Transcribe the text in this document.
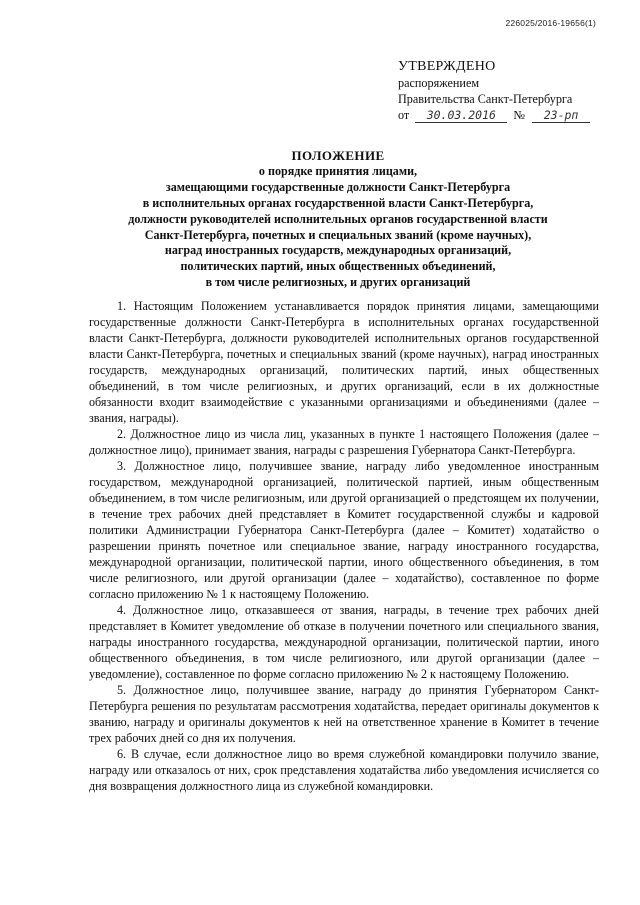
226025/2016-19656(1)
УТВЕРЖДЕНО
распоряжением
Правительства Санкт-Петербурга
от 30.03.2016 № 23-рп
ПОЛОЖЕНИЕ
о порядке принятия лицами,
замещающими государственные должности Санкт-Петербурга
в исполнительных органах государственной власти Санкт-Петербурга,
должности руководителей исполнительных органов государственной власти
Санкт-Петербурга, почетных и специальных званий (кроме научных),
наград иностранных государств, международных организаций,
политических партий, иных общественных объединений,
в том числе религиозных, и других организаций

1. Настоящим Положением устанавливается порядок принятия лицами, замещающими государственные должности Санкт-Петербурга в исполнительных органах государственной власти Санкт-Петербурга, должности руководителей исполнительных органов государственной власти Санкт-Петербурга, почетных и специальных званий (кроме научных), наград иностранных государств, международных организаций, политических партий, иных общественных объединений, в том числе религиозных, и других организаций, если в их должностные обязанности входит взаимодействие с указанными организациями и объединениями (далее – звания, награды).

2. Должностное лицо из числа лиц, указанных в пункте 1 настоящего Положения (далее – должностное лицо), принимает звания, награды с разрешения Губернатора Санкт-Петербурга.

3. Должностное лицо, получившее звание, награду либо уведомленное иностранным государством, международной организацией, политической партией, иным общественным объединением, в том числе религиозным, или другой организацией о предстоящем их получении, в течение трех рабочих дней представляет в Комитет государственной службы и кадровой политики Администрации Губернатора Санкт-Петербурга (далее – Комитет) ходатайство о разрешении принять почетное или специальное звание, награду иностранного государства, международной организации, политической партии, иного общественного объединения, в том числе религиозного, или другой организации (далее – ходатайство), составленное по форме согласно приложению № 1 к настоящему Положению.

4. Должностное лицо, отказавшееся от звания, награды, в течение трех рабочих дней представляет в Комитет уведомление об отказе в получении почетного или специального звания, награды иностранного государства, международной организации, политической партии, иного общественного объединения, в том числе религиозного, или другой организации (далее – уведомление), составленное по форме согласно приложению № 2 к настоящему Положению.

5. Должностное лицо, получившее звание, награду до принятия Губернатором Санкт-Петербурга решения по результатам рассмотрения ходатайства, передает оригиналы документов к званию, награду и оригиналы документов к ней на ответственное хранение в Комитет в течение трех рабочих дней со дня их получения.

6. В случае, если должностное лицо во время служебной командировки получило звание, награду или отказалось от них, срок представления ходатайства либо уведомления исчисляется со дня возвращения должностного лица из служебной командировки.
